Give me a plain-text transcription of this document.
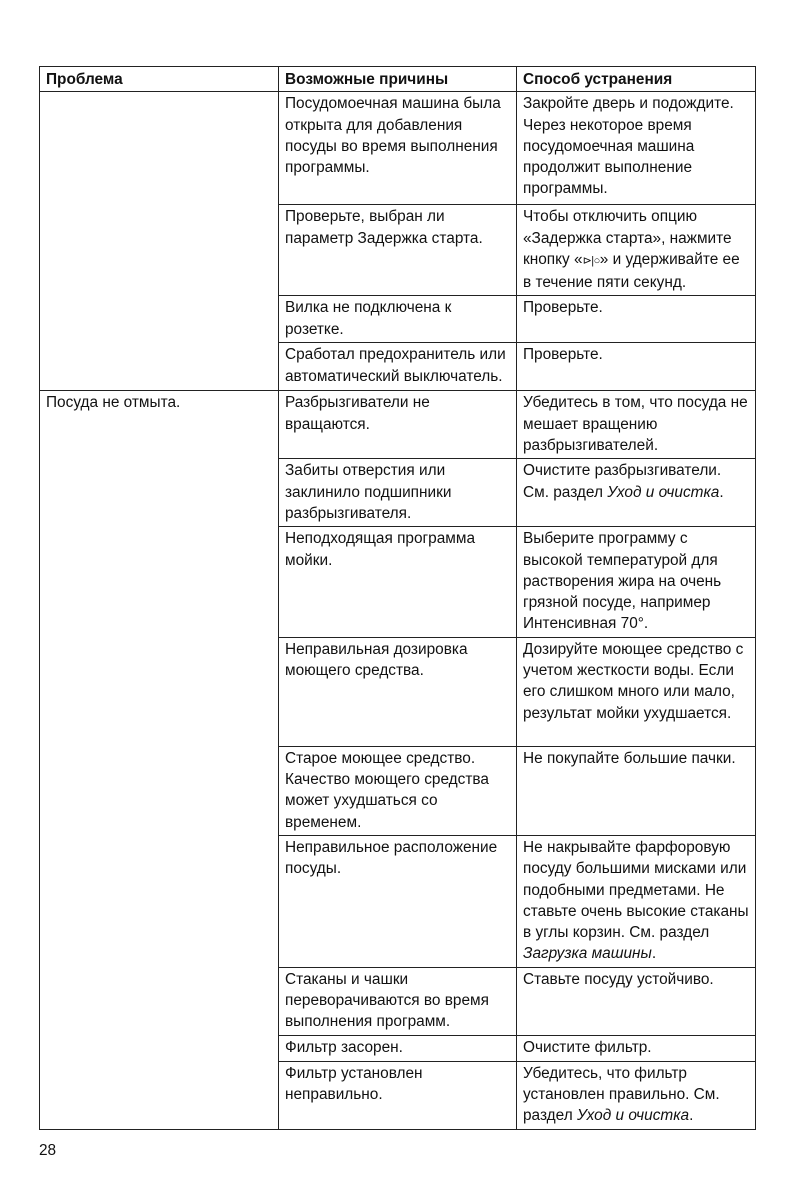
Проблема	Возможные причины	Способ устранения
	Посудомоечная машина была открыта для добавления посуды во время выполнения программы.	Закройте дверь и подождите. Через некоторое время посудомоечная машина продолжит выполнение программы.
	Проверьте, выбран ли параметр Задержка старта.	Чтобы отключить опцию «Задержка старта», нажмите кнопку «⊳|○» и удерживайте ее в течение пяти секунд.
	Вилка не подключена к розетке.	Проверьте.
	Сработал предохранитель или автоматический выключатель.	Проверьте.
Посуда не отмыта.	Разбрызгиватели не вращаются.	Убедитесь в том, что посуда не мешает вращению разбрызгивателей.
	Забиты отверстия или заклинило подшипники разбрызгивателя.	Очистите разбрызгиватели. См. раздел Уход и очистка.
	Неподходящая программа мойки.	Выберите программу с высокой температурой для растворения жира на очень грязной посуде, например Интенсивная 70°.
	Неправильная дозировка моющего средства.	Дозируйте моющее средство с учетом жесткости воды. Если его слишком много или мало, результат мойки ухудшается.
	Старое моющее средство. Качество моющего средства может ухудшаться со временем.	Не покупайте большие пачки.
	Неправильное расположение посуды.	Не накрывайте фарфоровую посуду большими мисками или подобными предметами. Не ставьте очень высокие стаканы в углы корзин. См. раздел Загрузка машины.
	Стаканы и чашки переворачиваются во время выполнения программ.	Ставьте посуду устойчиво.
	Фильтр засорен.	Очистите фильтр.
	Фильтр установлен неправильно.	Убедитесь, что фильтр установлен правильно. См. раздел Уход и очистка.
28
